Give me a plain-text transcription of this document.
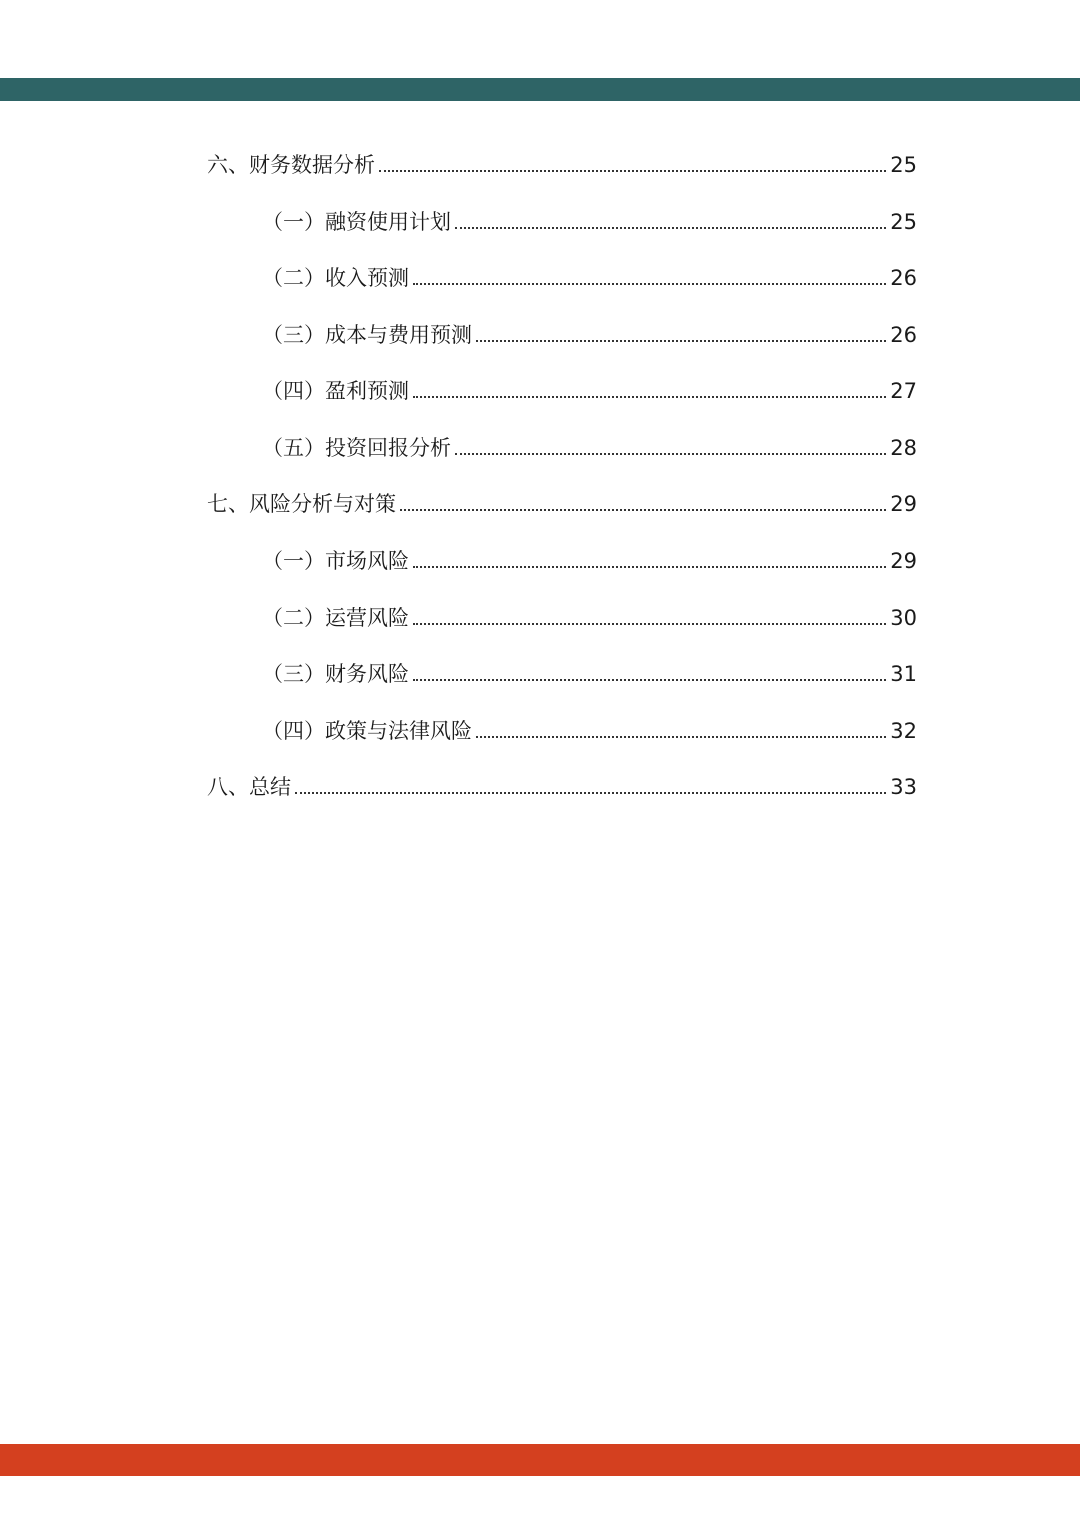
六、财务数据分析	25
（一）融资使用计划	25
（二）收入预测	26
（三）成本与费用预测	26
（四）盈利预测	27
（五）投资回报分析	28
七、风险分析与对策	29
（一）市场风险	29
（二）运营风险	30
（三）财务风险	31
（四）政策与法律风险	32
八、总结	33
